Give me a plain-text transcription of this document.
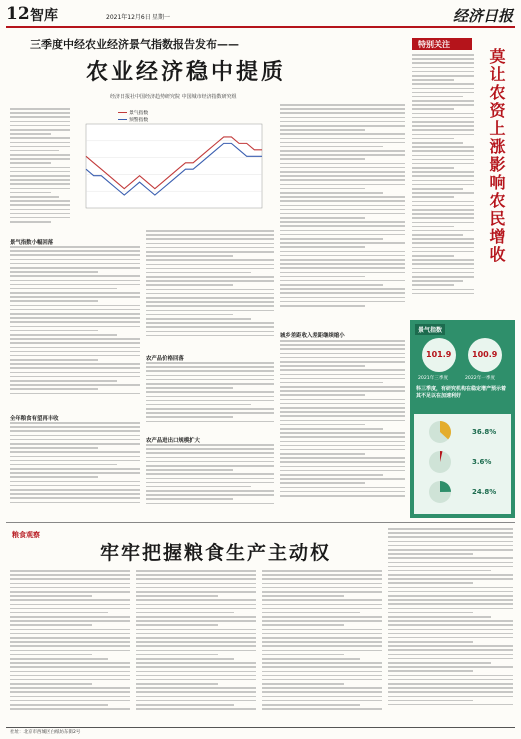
12 智库	2021年12月6日 星期一	经济日报
三季度中经农业经济景气指数报告发布——
农业经济稳中提质
经济日报社中国经济趋势研究院 中国城市经济指数研究组
景气指数
预警指数
景气指数小幅回落
全年粮食有望再丰收
农产品价格回落
农产品进出口规模扩大
城乡差距收入差距继续缩小
特别关注
莫让农资上涨影响农民增收
景气指数
101.9	100.9
2021年三季度	2022年一季度
科三季度，有研究机构在稳定增产预示着其不足以在加速利好
36.8%
3.6%
24.8%
粮食观察
牢牢把握粮食生产主动权
社址：北京市西城区白纸坊东街2号
